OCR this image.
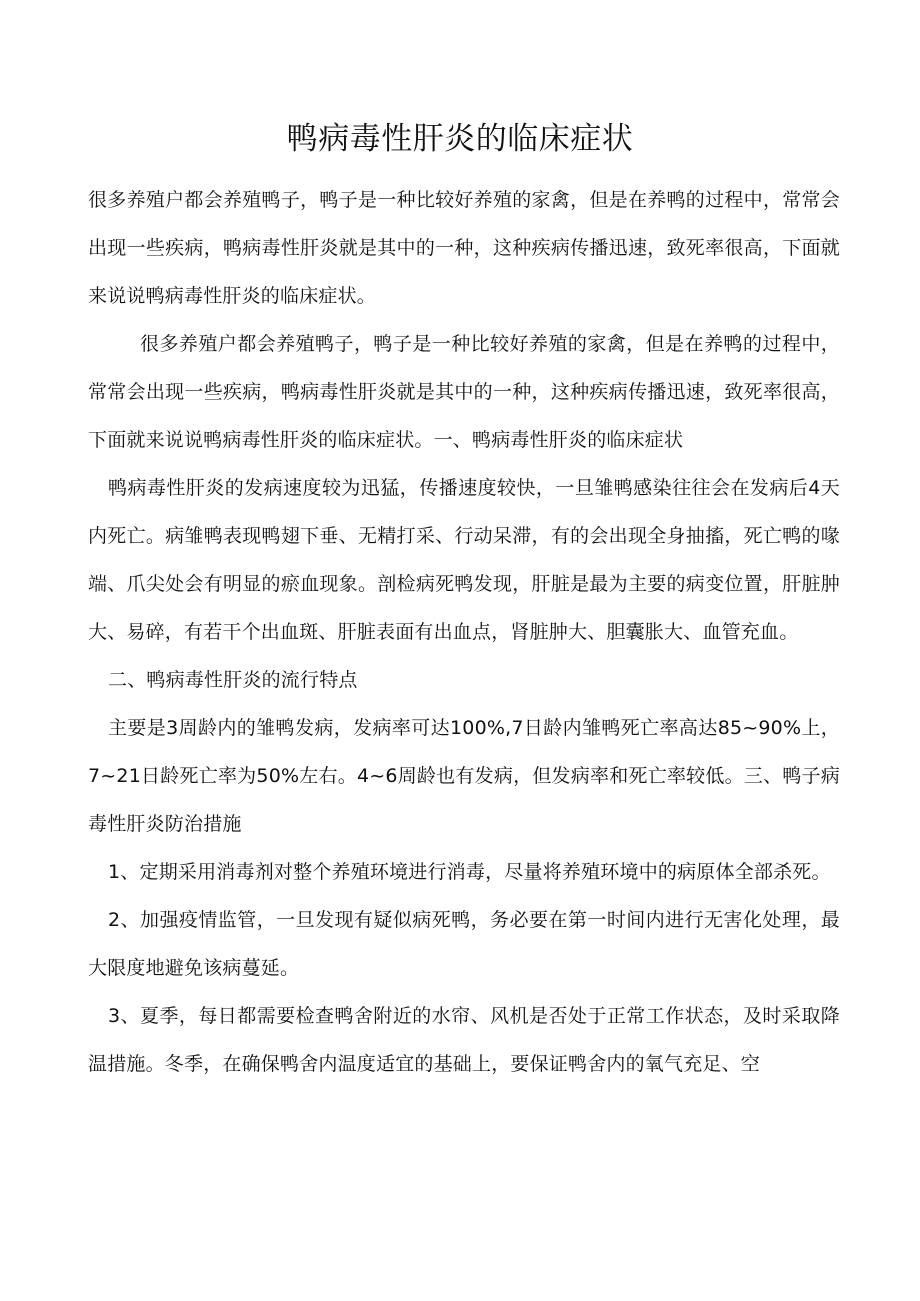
鸭病毒性肝炎的临床症状

很多养殖户都会养殖鸭子，鸭子是一种比较好养殖的家禽，但是在养鸭的过程中，常常会出现一些疾病，鸭病毒性肝炎就是其中的一种，这种疾病传播迅速，致死率很高，下面就来说说鸭病毒性肝炎的临床症状。

很多养殖户都会养殖鸭子，鸭子是一种比较好养殖的家禽，但是在养鸭的过程中，常常会出现一些疾病，鸭病毒性肝炎就是其中的一种，这种疾病传播迅速，致死率很高，下面就来说说鸭病毒性肝炎的临床症状。一、鸭病毒性肝炎的临床症状

鸭病毒性肝炎的发病速度较为迅猛，传播速度较快，一旦雏鸭感染往往会在发病后4天内死亡。病雏鸭表现鸭翅下垂、无精打采、行动呆滞，有的会出现全身抽搐，死亡鸭的喙端、爪尖处会有明显的瘀血现象。剖检病死鸭发现，肝脏是最为主要的病变位置，肝脏肿大、易碎，有若干个出血斑、肝脏表面有出血点，肾脏肿大、胆囊胀大、血管充血。

二、鸭病毒性肝炎的流行特点

主要是3周龄内的雏鸭发病，发病率可达100%,7日龄内雏鸭死亡率高达85~90%上，7~21日龄死亡率为50%左右。4~6周龄也有发病，但发病率和死亡率较低。三、鸭子病毒性肝炎防治措施

1、定期采用消毒剂对整个养殖环境进行消毒，尽量将养殖环境中的病原体全部杀死。

2、加强疫情监管，一旦发现有疑似病死鸭，务必要在第一时间内进行无害化处理，最大限度地避免该病蔓延。

3、夏季，每日都需要检查鸭舍附近的水帘、风机是否处于正常工作状态，及时采取降温措施。冬季，在确保鸭舍内温度适宜的基础上，要保证鸭舍内的氧气充足、空
